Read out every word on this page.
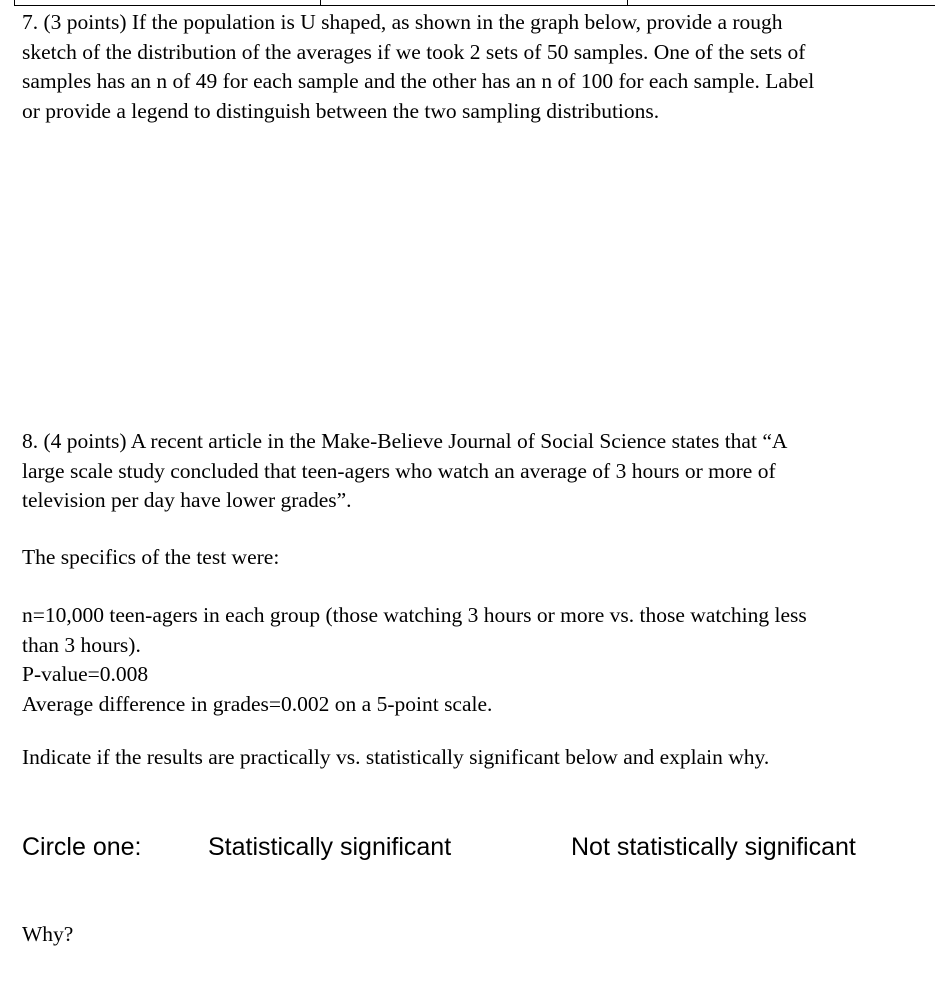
7. (3 points) If the population is U shaped, as shown in the graph below, provide a rough
sketch of the distribution of the averages if we took 2 sets of 50 samples. One of the sets of
samples has an n of 49 for each sample and the other has an n of 100 for each sample. Label
or provide a legend to distinguish between the two sampling distributions.

8. (4 points) A recent article in the Make-Believe Journal of Social Science states that “A
large scale study concluded that teen-agers who watch an average of 3 hours or more of
television per day have lower grades”.

The specifics of the test were:

n=10,000 teen-agers in each group (those watching 3 hours or more vs. those watching less
than 3 hours).
P-value=0.008
Average difference in grades=0.002 on a 5-point scale.

Indicate if the results are practically vs. statistically significant below and explain why.

Circle one:	Statistically significant	Not statistically significant

Why?
